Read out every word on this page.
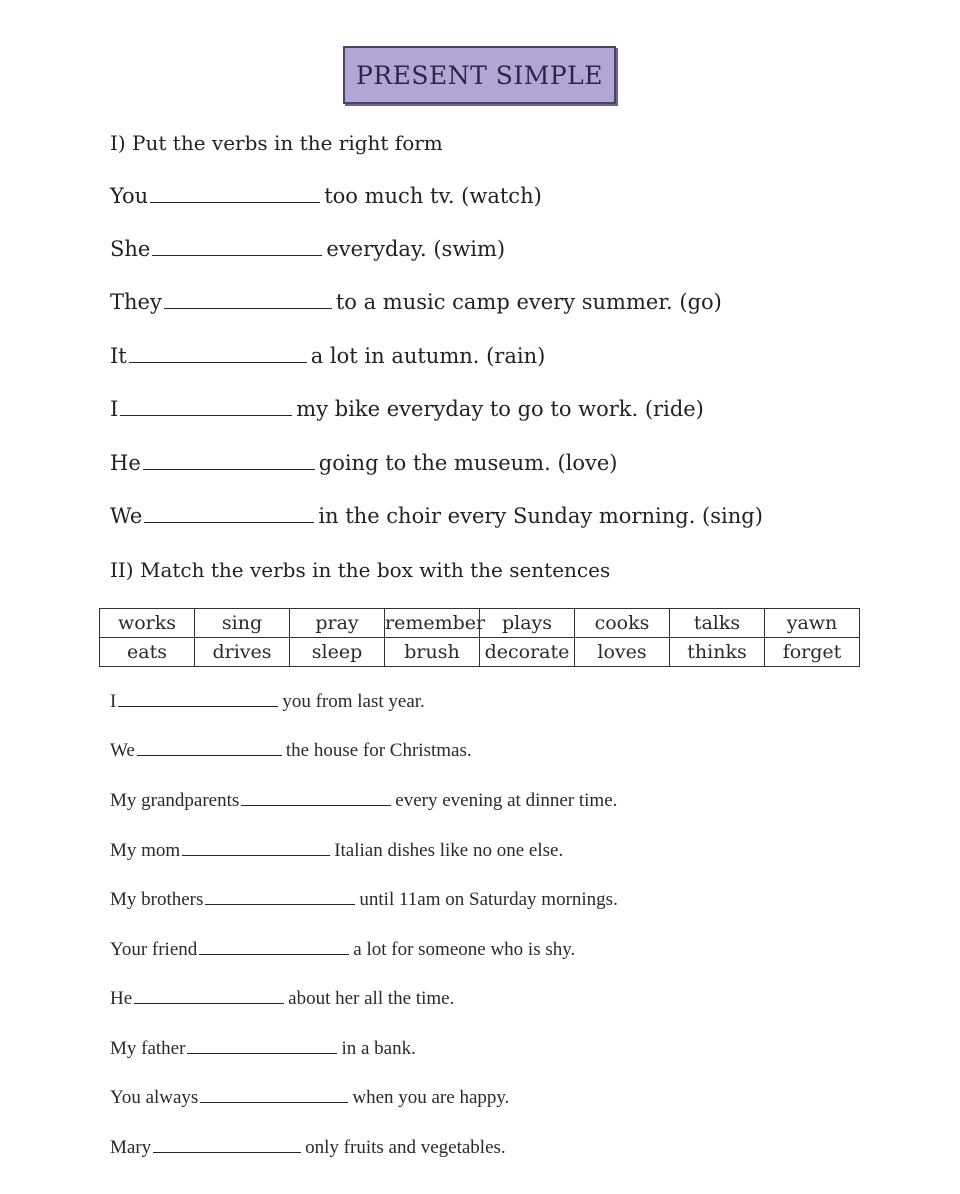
PRESENT SIMPLE
I) Put the verbs in the right form
You	too much tv. (watch)
She	everyday. (swim)
They	to a music camp every summer. (go)
It	a lot in autumn. (rain)
I	my bike everyday to go to work. (ride)
He	going to the museum. (love)
We	in the choir every Sunday morning. (sing)
II) Match the verbs in the box with the sentences
works	sing	pray	remember	plays	cooks	talks	yawn
eats	drives	sleep	brush	decorate	loves	thinks	forget
I	you from last year.
We	the house for Christmas.
My grandparents	every evening at dinner time.
My mom	Italian dishes like no one else.
My brothers	until 11am on Saturday mornings.
Your friend	a lot for someone who is shy.
He	about her all the time.
My father	in a bank.
You always	when you are happy.
Mary	only fruits and vegetables.
